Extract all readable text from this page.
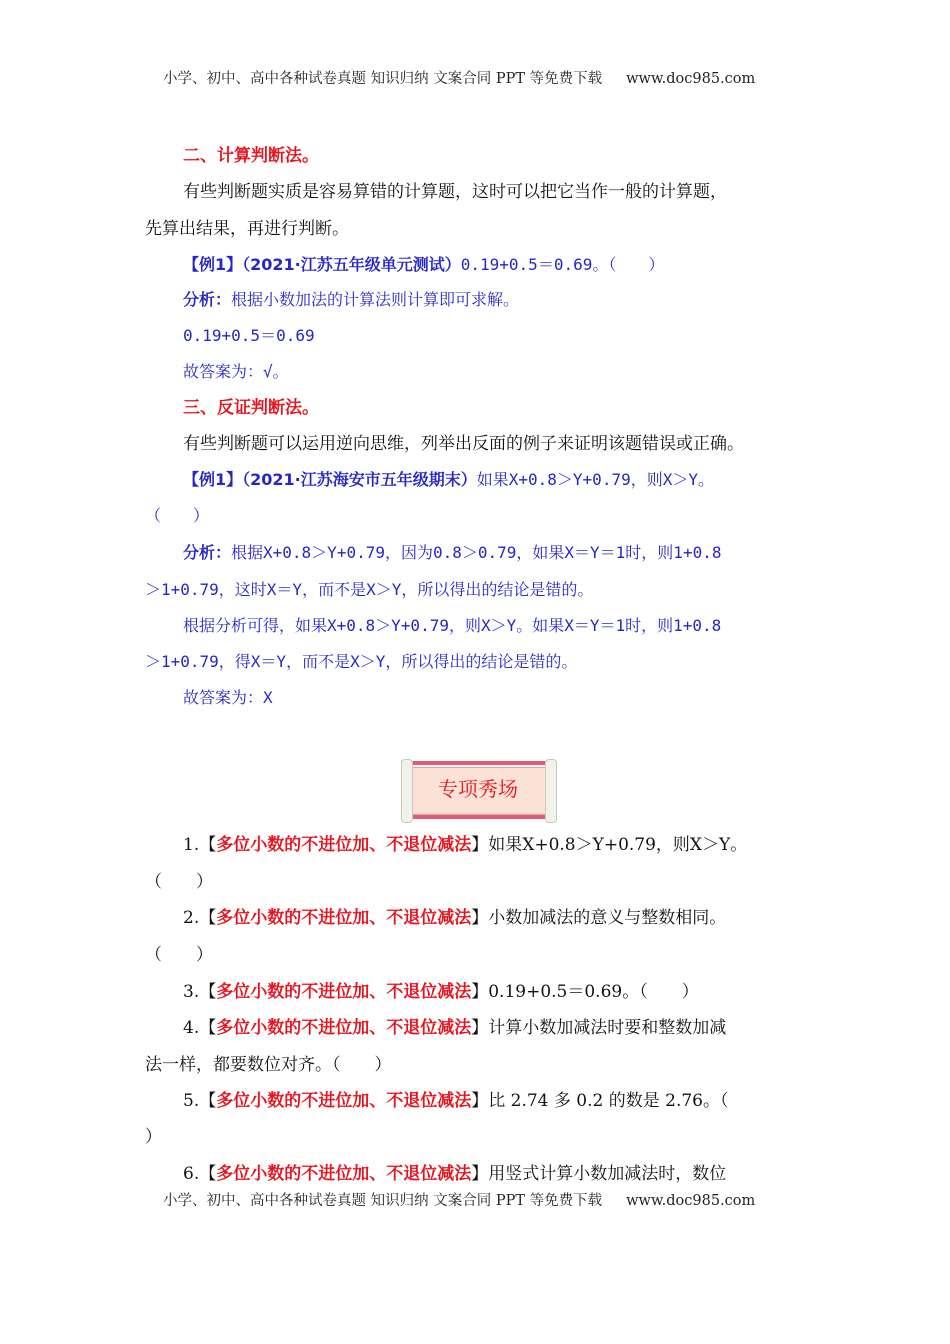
小学、初中、高中各种试卷真题 知识归纳 文案合同 PPT 等免费下载 www.doc985.com
二、计算判断法。
有些判断题实质是容易算错的计算题，这时可以把它当作一般的计算题，
先算出结果，再进行判断。
【例1】（2021·江苏五年级单元测试）0.19+0.5＝0.69。（　　）
分析：根据小数加法的计算法则计算即可求解。
0.19+0.5＝0.69
故答案为：√。
三、反证判断法。
有些判断题可以运用逆向思维，列举出反面的例子来证明该题错误或正确。
【例1】（2021·江苏海安市五年级期末）如果X+0.8＞Y+0.79，则X＞Y。
（　　）
分析：根据X+0.8＞Y+0.79，因为0.8＞0.79，如果X＝Y＝1时，则1+0.8
＞1+0.79，这时X＝Y，而不是X＞Y，所以得出的结论是错的。
根据分析可得，如果X+0.8＞Y+0.79，则X＞Y。如果X＝Y＝1时，则1+0.8
＞1+0.79，得X＝Y，而不是X＞Y，所以得出的结论是错的。
故答案为：X
专项秀场
1.【多位小数的不进位加、不退位减法】如果X+0.8＞Y+0.79，则X＞Y。
（　　）
2.【多位小数的不进位加、不退位减法】小数加减法的意义与整数相同。
（　　）
3.【多位小数的不进位加、不退位减法】0.19+0.5＝0.69。（　　）
4.【多位小数的不进位加、不退位减法】计算小数加减法时要和整数加减
法一样，都要数位对齐。（　　）
5.【多位小数的不进位加、不退位减法】比 2.74 多 0.2 的数是 2.76。（
）
6.【多位小数的不进位加、不退位减法】用竖式计算小数加减法时，数位
小学、初中、高中各种试卷真题 知识归纳 文案合同 PPT 等免费下载 www.doc985.com
